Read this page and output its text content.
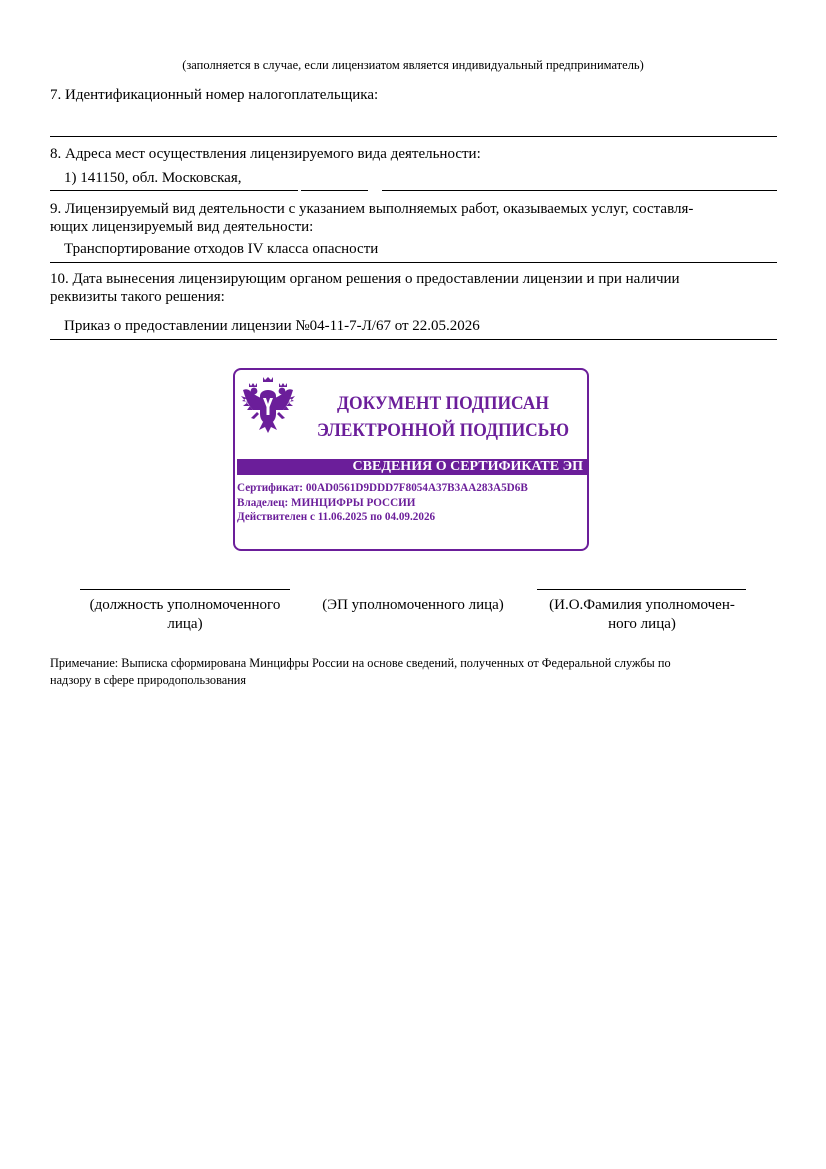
(заполняется в случае, если лицензиатом является индивидуальный предприниматель)
7. Идентификационный номер налогоплательщика:
8. Адреса мест осуществления лицензируемого вида деятельности:
1) 141150, обл. Московская,
9. Лицензируемый вид деятельности с указанием выполняемых работ, оказываемых услуг, составля-
ющих лицензируемый вид деятельности:
Транспортирование отходов IV класса опасности
10. Дата вынесения лицензирующим органом решения о предоставлении лицензии и при наличии
реквизиты такого решения:
Приказ о предоставлении лицензии №04-11-7-Л/67 от 22.05.2026
ДОКУМЕНТ ПОДПИСАН
ЭЛЕКТРОННОЙ ПОДПИСЬЮ
СВЕДЕНИЯ О СЕРТИФИКАТЕ ЭП
Сертификат: 00AD0561D9DDD7F8054A37B3AA283A5D6B
Владелец: МИНЦИФРЫ РОССИИ
Действителен с 11.06.2025 по 04.09.2026
(должность уполномоченного
лица)
(ЭП уполномоченного лица)	(И.О.Фамилия уполномочен-
ного лица)
Примечание: Выписка сформирована Минцифры России на основе сведений, полученных от Федеральной службы по
надзору в сфере природопользования
